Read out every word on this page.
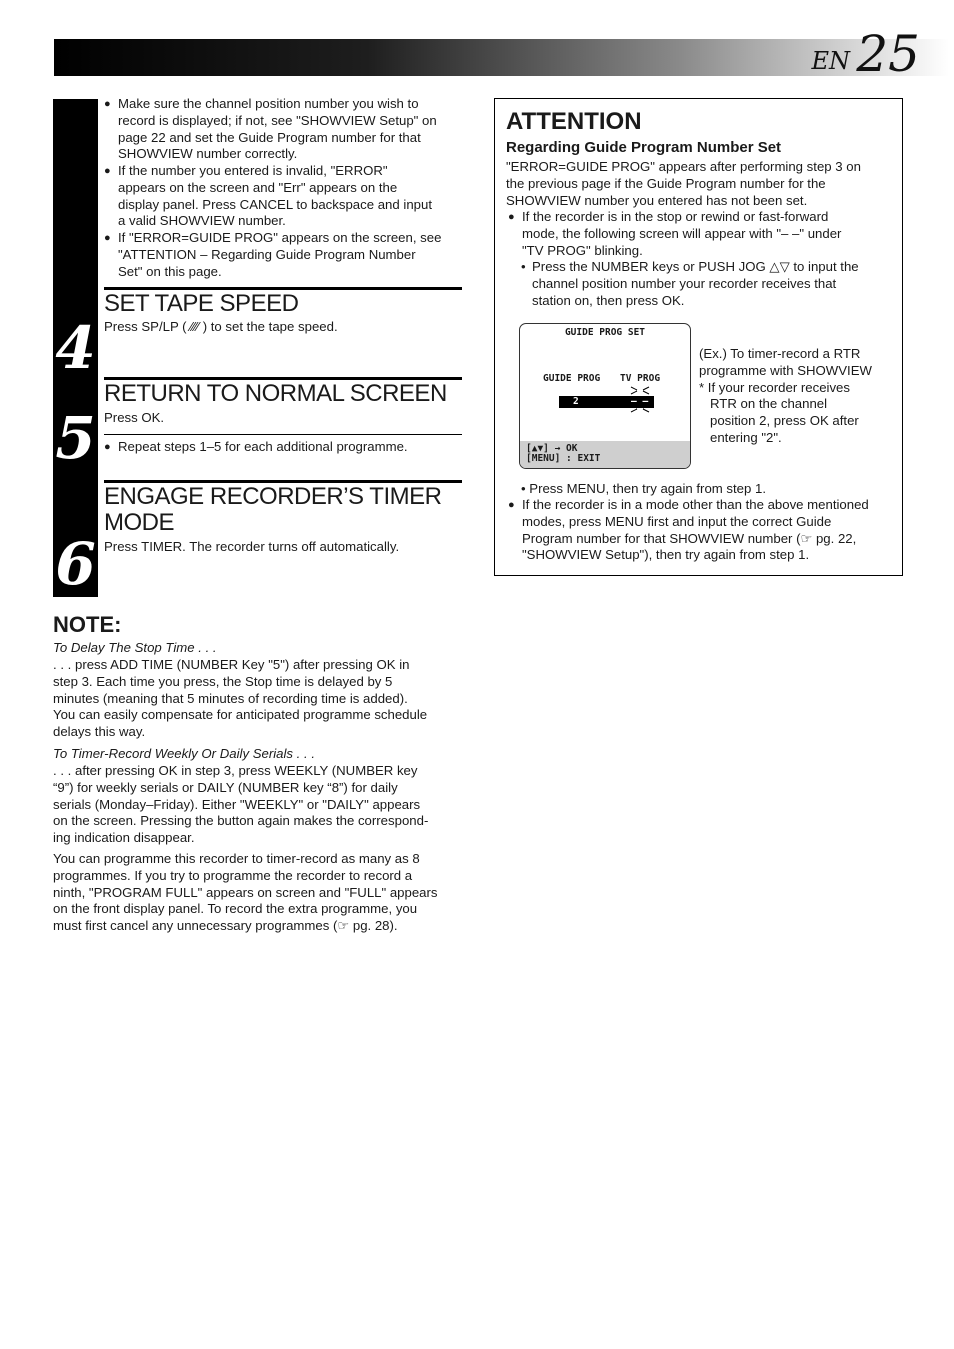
EN 25
4
5
6
● Make sure the channel position number you wish to
record is displayed; if not, see "SHOWVIEW Setup" on
page 22 and set the Guide Program number for that
SHOWVIEW number correctly.
● If the number you entered is invalid, "ERROR"
appears on the screen and "Err" appears on the
display panel. Press CANCEL to backspace and input
a valid SHOWVIEW number.
● If "ERROR=GUIDE PROG" appears on the screen, see
"ATTENTION – Regarding Guide Program Number
Set" on this page.
SET TAPE SPEED
Press SP/LP ( ⁄⁄⁄⁄ ) to set the tape speed.
RETURN TO NORMAL SCREEN
Press OK.
● Repeat steps 1–5 for each additional programme.
ENGAGE RECORDER’S TIMER
MODE
Press TIMER. The recorder turns off automatically.
NOTE:
To Delay The Stop Time . . .
. . . press ADD TIME (NUMBER Key "5") after pressing OK in
step 3. Each time you press, the Stop time is delayed by 5
minutes (meaning that 5 minutes of recording time is added).
You can easily compensate for anticipated programme schedule
delays this way.
To Timer-Record Weekly Or Daily Serials . . .
. . . after pressing OK in step 3, press WEEKLY (NUMBER key
“9”) for weekly serials or DAILY (NUMBER key “8”) for daily
serials (Monday–Friday). Either "WEEKLY" or "DAILY" appears
on the screen. Pressing the button again makes the correspond-
ing indication disappear.
You can programme this recorder to timer-record as many as 8
programmes. If you try to programme the recorder to record a
ninth, "PROGRAM FULL" appears on screen and "FULL" appears
on the front display panel. To record the extra programme, you
must first cancel any unnecessary programmes (☞ pg. 28).
ATTENTION
Regarding Guide Program Number Set
"ERROR=GUIDE PROG" appears after performing step 3 on
the previous page if the Guide Program number for the
SHOWVIEW number you entered has not been set.
● If the recorder is in the stop or rewind or fast-forward
mode, the following screen will appear with "– –" under
"TV PROG" blinking.
• Press the NUMBER keys or PUSH JOG △▽ to input the
channel position number your recorder receives that
station on, then press OK.
GUIDE PROG SET
GUIDE PROG TV PROG
2	– –
[▲▼] → OK
[MENU] : EXIT
(Ex.) To timer-record a RTR
programme with SHOWVIEW
* If your recorder receives
RTR on the channel
position 2, press OK after
entering "2".
• Press MENU, then try again from step 1.
● If the recorder is in a mode other than the above mentioned
modes, press MENU first and input the correct Guide
Program number for that SHOWVIEW number (☞ pg. 22,
"SHOWVIEW Setup"), then try again from step 1.
